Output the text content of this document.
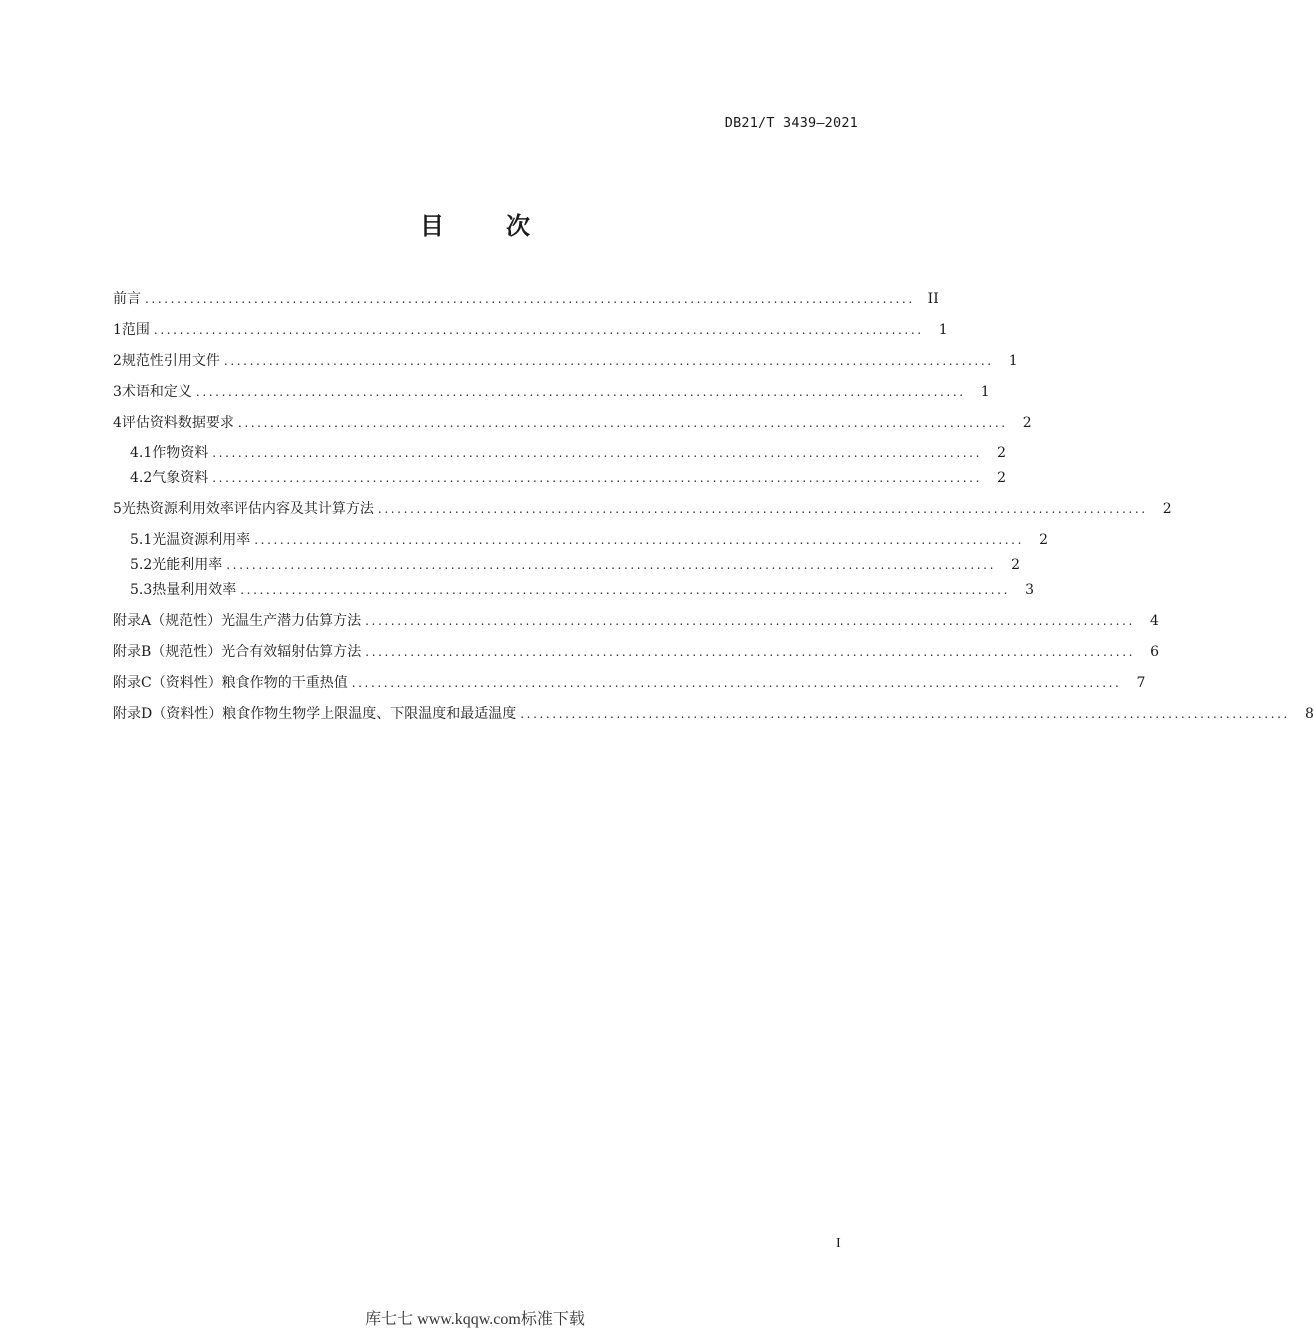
DB21/T 3439—2021
目	次
前言 ........................................................................................................................ II
1 范围 ........................................................................................................................ 1
2 规范性引用文件 ........................................................................................................................ 1
3 术语和定义 ........................................................................................................................ 1
4 评估资料数据要求 ........................................................................................................................ 2
4.1 作物资料 ........................................................................................................................ 2
4.2 气象资料 ........................................................................................................................ 2
5 光热资源利用效率评估内容及其计算方法 ........................................................................................................................ 2
5.1 光温资源利用率 ........................................................................................................................ 2
5.2 光能利用率 ........................................................................................................................ 2
5.3 热量利用效率 ........................................................................................................................ 3
附录A（规范性） 光温生产潜力估算方法 ........................................................................................................................ 4
附录B（规范性） 光合有效辐射估算方法 ........................................................................................................................ 6
附录C（资料性） 粮食作物的干重热值 ........................................................................................................................ 7
附录D（资料性） 粮食作物生物学上限温度、下限温度和最适温度 ........................................................................................................................ 8
I
库七七 www.kqqw.com标准下载
